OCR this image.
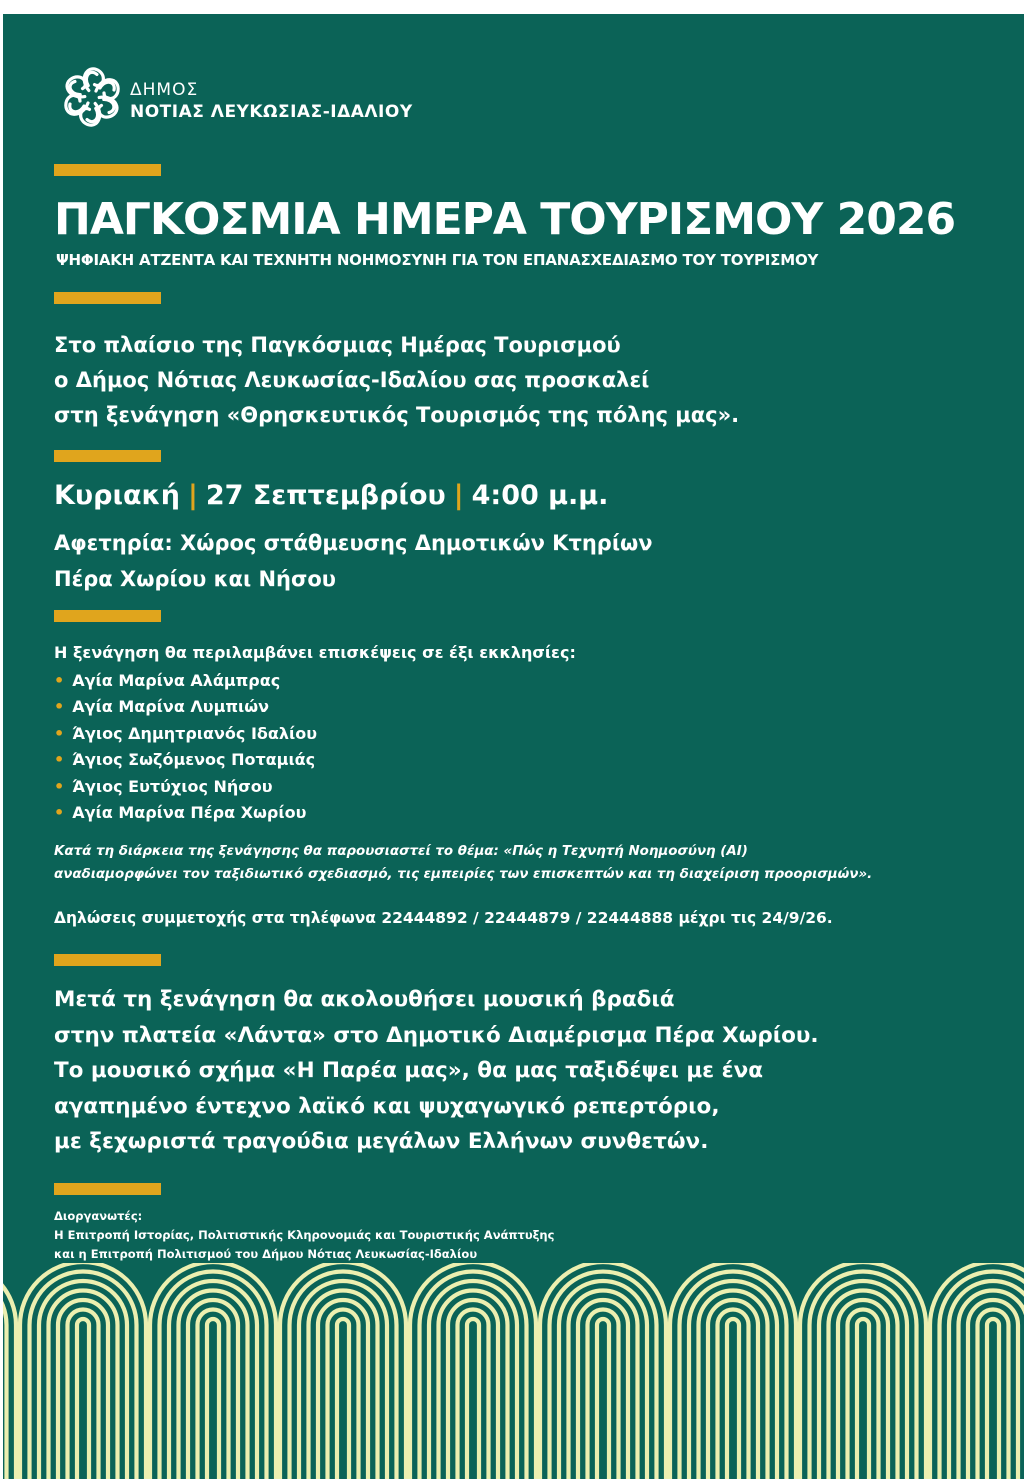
ΔΗΜΟΣ
ΝΟΤΙΑΣ ΛΕΥΚΩΣΙΑΣ-ΙΔΑΛΙΟΥ
ΠΑΓΚΟΣΜΙΑ ΗΜΕΡΑ ΤΟΥΡΙΣΜΟΥ 2026
ΨΗΦΙΑΚΗ ΑΤΖΕΝΤΑ ΚΑΙ ΤΕΧΝΗΤΗ ΝΟΗΜΟΣΥΝΗ ΓΙΑ ΤΟΝ ΕΠΑΝΑΣΧΕΔΙΑΣΜΟ ΤΟΥ ΤΟΥΡΙΣΜΟΥ
Στο πλαίσιο της Παγκόσμιας Ημέρας Τουρισμού
ο Δήμος Νότιας Λευκωσίας-Ιδαλίου σας προσκαλεί
στη ξενάγηση «Θρησκευτικός Τουρισμός της πόλης μας».
Κυριακή | 27 Σεπτεμβρίου | 4:00 μ.μ.
Αφετηρία: Χώρος στάθμευσης Δημοτικών Κτηρίων
Πέρα Χωρίου και Νήσου
Η ξενάγηση θα περιλαμβάνει επισκέψεις σε έξι εκκλησίες:
• Αγία Μαρίνα Αλάμπρας
• Αγία Μαρίνα Λυμπιών
• Άγιος Δημητριανός Ιδαλίου
• Άγιος Σωζόμενος Ποταμιάς
• Άγιος Ευτύχιος Νήσου
• Αγία Μαρίνα Πέρα Χωρίου
Κατά τη διάρκεια της ξενάγησης θα παρουσιαστεί το θέμα: «Πώς η Τεχνητή Νοημοσύνη (AI)
αναδιαμορφώνει τον ταξιδιωτικό σχεδιασμό, τις εμπειρίες των επισκεπτών και τη διαχείριση προορισμών».
Δηλώσεις συμμετοχής στα τηλέφωνα 22444892 / 22444879 / 22444888 μέχρι τις 24/9/26.
Μετά τη ξενάγηση θα ακολουθήσει μουσική βραδιά
στην πλατεία «Λάντα» στο Δημοτικό Διαμέρισμα Πέρα Χωρίου.
Το μουσικό σχήμα «Η Παρέα μας», θα μας ταξιδέψει με ένα
αγαπημένο έντεχνο λαϊκό και ψυχαγωγικό ρεπερτόριο,
με ξεχωριστά τραγούδια μεγάλων Ελλήνων συνθετών.
Διοργανωτές:
Η Επιτροπή Ιστορίας, Πολιτιστικής Κληρονομιάς και Τουριστικής Ανάπτυξης
και η Επιτροπή Πολιτισμού του Δήμου Νότιας Λευκωσίας-Ιδαλίου
